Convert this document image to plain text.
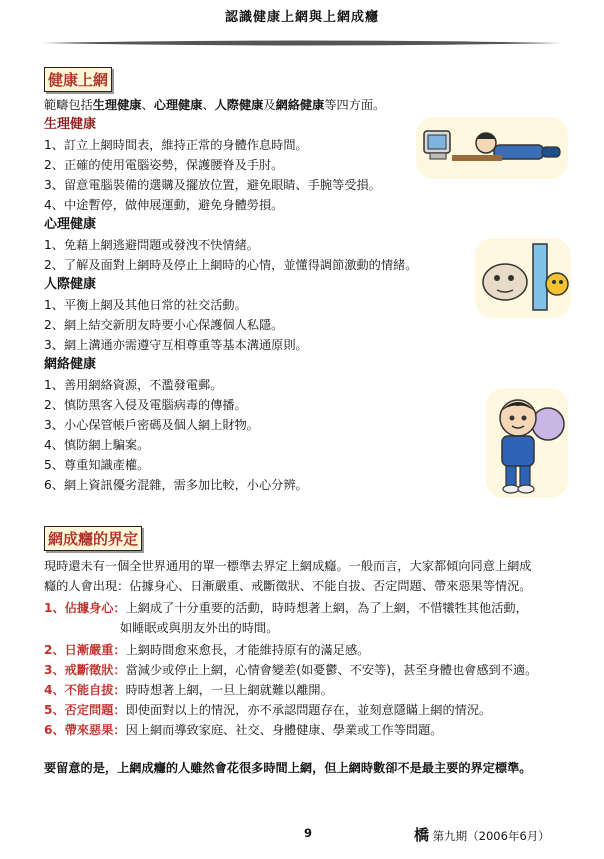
認識健康上網與上網成癮
健康上網
範疇包括生理健康、心理健康、人際健康及網絡健康等四方面。
生理健康
1、訂立上網時間表，維持正常的身體作息時間。
2、正確的使用電腦姿勢，保護腰脊及手肘。
3、留意電腦裝備的選購及擺放位置，避免眼睛、手腕等受損。
4、中途暫停，做伸展運動，避免身體勞損。
心理健康
1、免藉上網逃避問題或發洩不快情緒。
2、了解及面對上網時及停止上網時的心情，並懂得調節激動的情緒。
人際健康
1、平衡上網及其他日常的社交活動。
2、網上結交新朋友時要小心保護個人私隱。
3、網上溝通亦需遵守互相尊重等基本溝通原則。
網絡健康
1、善用網絡資源，不濫發電郵。
2、慎防黑客入侵及電腦病毒的傳播。
3、小心保管帳戶密碼及個人網上財物。
4、慎防網上騙案。
5、尊重知識產權。
6、網上資訊優劣混雜，需多加比較，小心分辨。
網成癮的界定
現時還未有一個全世界通用的單一標準去界定上網成癮。一般而言，大家都傾向同意上網成
癮的人會出現：佔據身心、日漸嚴重、戒斷徵狀、不能自拔、否定問題、帶來惡果等情況。
1、佔據身心：上網成了十分重要的活動，時時想著上網，為了上網，不惜犧牲其他活動，
如睡眠或與朋友外出的時間。
2、日漸嚴重：上網時間愈來愈長，才能維持原有的滿足感。
3、戒斷徵狀：當減少或停止上網，心情會變差(如憂鬱、不安等)，甚至身體也會感到不適。
4、不能自拔：時時想著上網，一旦上網就難以離開。
5、否定問題：即使面對以上的情況，亦不承認問題存在，並刻意隱瞞上網的情況。
6、帶來惡果：因上網而導致家庭、社交、身體健康、學業或工作等問題。
要留意的是，上網成癮的人雖然會花很多時間上網，但上網時數卻不是最主要的界定標準。
9	橋 第九期（2006年6月）
